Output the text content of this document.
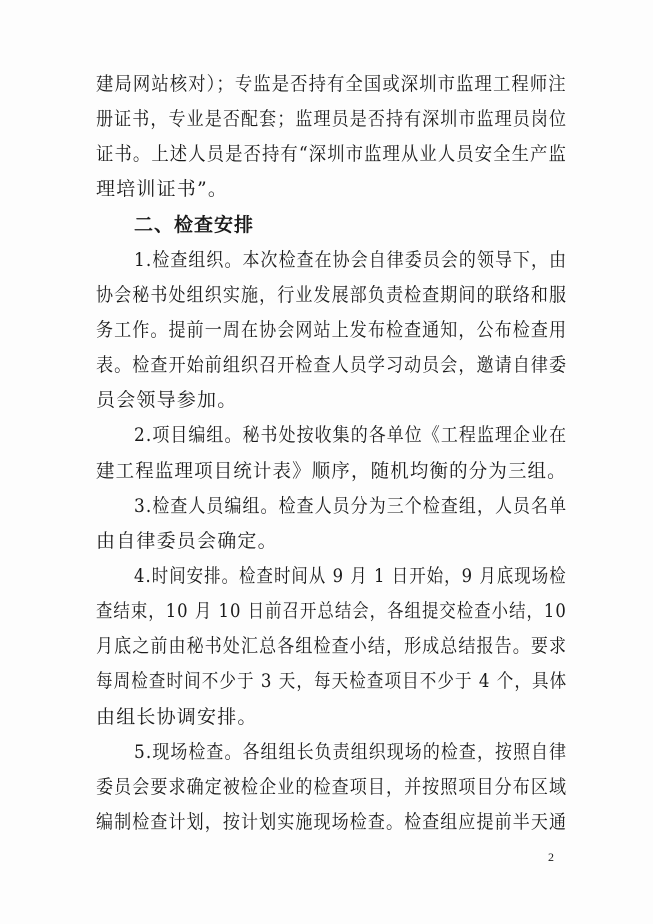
建局网站核对）；专监是否持有全国或深圳市监理工程师注
册证书，专业是否配套；监理员是否持有深圳市监理员岗位
证书。上述人员是否持有“深圳市监理从业人员安全生产监
理培训证书”。
二、检查安排
1.检查组织。本次检查在协会自律委员会的领导下，由
协会秘书处组织实施，行业发展部负责检查期间的联络和服
务工作。提前一周在协会网站上发布检查通知，公布检查用
表。检查开始前组织召开检查人员学习动员会，邀请自律委
员会领导参加。
2.项目编组。秘书处按收集的各单位《工程监理企业在
建工程监理项目统计表》顺序，随机均衡的分为三组。
3.检查人员编组。检查人员分为三个检查组，人员名单
由自律委员会确定。
4.时间安排。检查时间从 9 月 1 日开始，9 月底现场检
查结束，10 月 10 日前召开总结会，各组提交检查小结，10
月底之前由秘书处汇总各组检查小结，形成总结报告。要求
每周检查时间不少于 3 天，每天检查项目不少于 4 个，具体
由组长协调安排。
5.现场检查。各组组长负责组织现场的检查，按照自律
委员会要求确定被检企业的检查项目，并按照项目分布区域
编制检查计划，按计划实施现场检查。检查组应提前半天通
2
